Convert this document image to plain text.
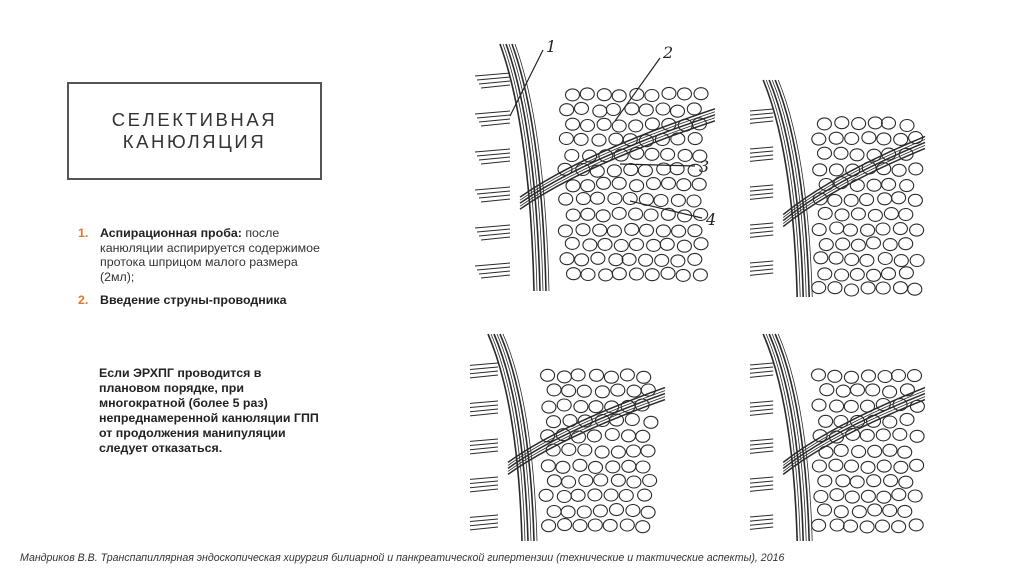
СЕЛЕКТИВНАЯ
КАНЮЛЯЦИЯ
1. Аспирационная проба: после канюляции аспирируется содержимое протока шприцом малого размера (2мл);
2. Введение струны-проводника
Если ЭРХПГ проводится в плановом порядке, при многократной (более 5 раз) непреднамеренной канюляции ГПП от продолжения манипуляции следует отказаться.
1	2
3
4
Мандриков В.В. Транспапиллярная эндоскопическая хирургия билиарной и панкреатической гипертензии (технические и тактические аспекты), 2016
